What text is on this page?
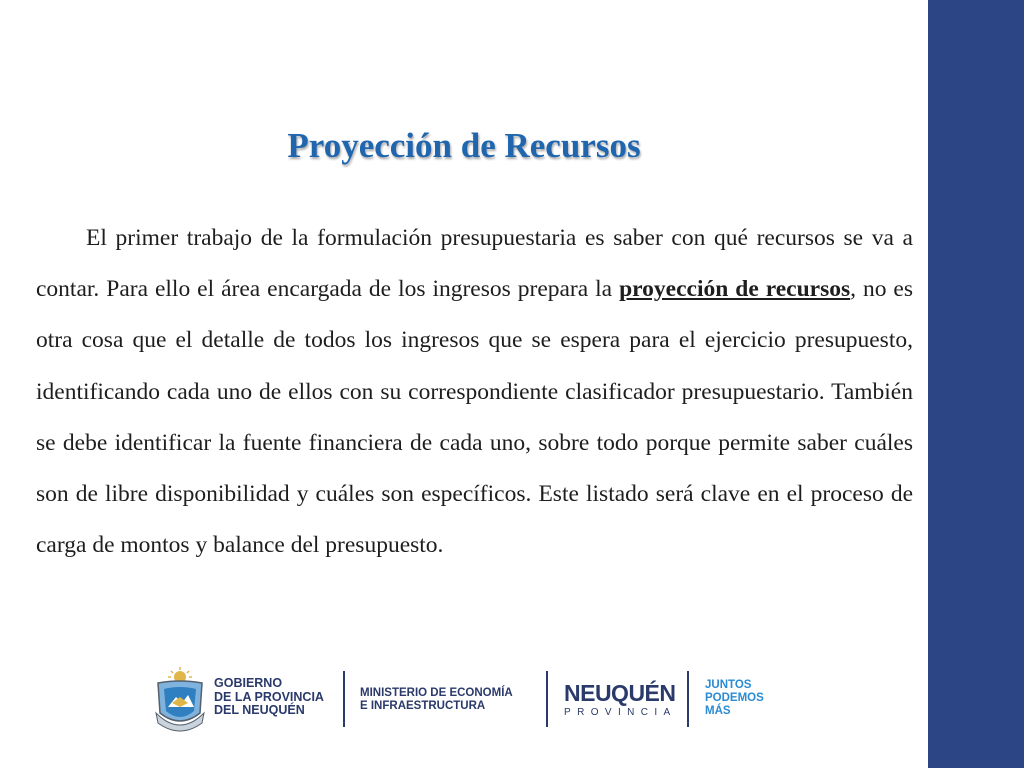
Proyección de Recursos

El primer trabajo de la formulación presupuestaria es saber con qué recursos se va a contar. Para ello el área encargada de los ingresos prepara la proyección de recursos, no es otra cosa que el detalle de todos los ingresos que se espera para el ejercicio presupuesto, identificando cada uno de ellos con su correspondiente clasificador presupuestario. También se debe identificar la fuente financiera de cada uno, sobre todo porque permite saber cuáles son de libre disponibilidad y cuáles son específicos. Este listado será clave en el proceso de carga de montos y balance del presupuesto.

GOBIERNO
DE LA PROVINCIA
DEL NEUQUÉN
MINISTERIO DE ECONOMÍA
E INFRAESTRUCTURA	NEUQUÉN
PROVINCIA
JUNTOS
PODEMOS
MÁS
